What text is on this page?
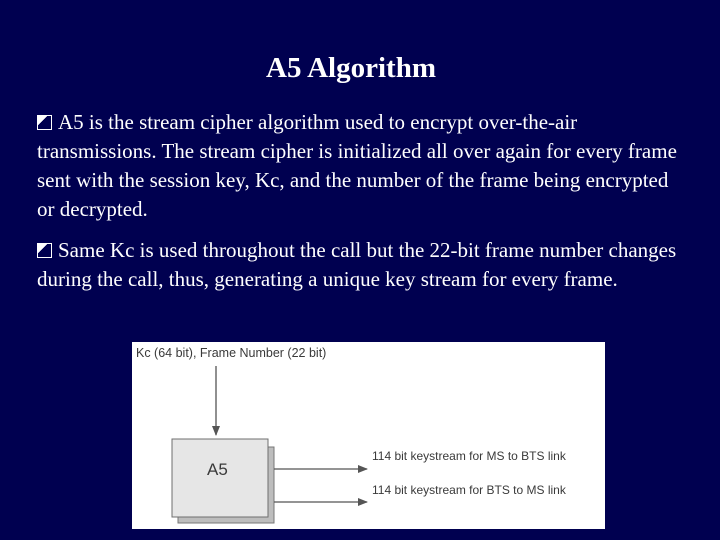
A5 Algorithm

A5 is the stream cipher algorithm used to encrypt over-the-air transmissions. The stream cipher is initialized all over again for every frame sent with the session key, Kc, and the number of the frame being encrypted or decrypted.

Same Kc is used throughout the call but the 22-bit frame number changes during the call, thus, generating a unique key stream for every frame.

Kc (64 bit), Frame Number (22 bit)
A5
114 bit keystream for MS to BTS link
114 bit keystream for BTS to MS link
